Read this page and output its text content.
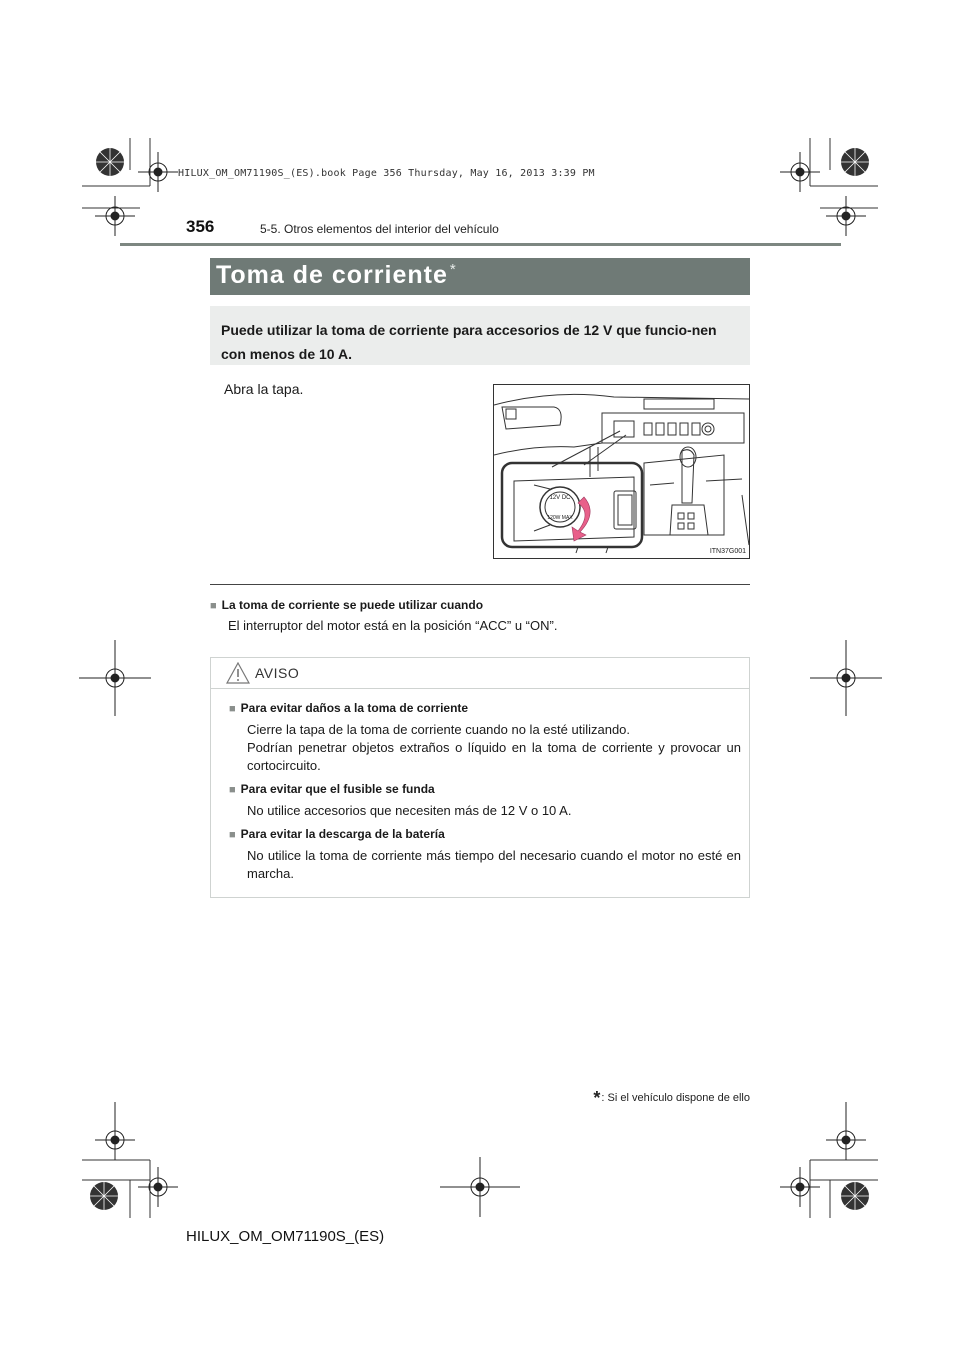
HILUX_OM_OM71190S_(ES).book Page 356 Thursday, May 16, 2013 3:39 PM
356	5-5. Otros elementos del interior del vehículo
Toma de corriente *
Puede utilizar la toma de corriente para accesorios de 12 V que funcio-nen con menos de 10 A.
Abra la tapa.
12V DC
120W MAX
ITN37G001
■ La toma de corriente se puede utilizar cuando
El interruptor del motor está en la posición “ACC” u “ON”.
AVISO
■ Para evitar daños a la toma de corriente
Cierre la tapa de la toma de corriente cuando no la esté utilizando.
Podrían penetrar objetos extraños o líquido en la toma de corriente y provocar un cortocircuito.
■ Para evitar que el fusible se funda
No utilice accesorios que necesiten más de 12 V o 10 A.
■ Para evitar la descarga de la batería
No utilice la toma de corriente más tiempo del necesario cuando el motor no esté en marcha.
*: Si el vehículo dispone de ello
HILUX_OM_OM71190S_(ES)
